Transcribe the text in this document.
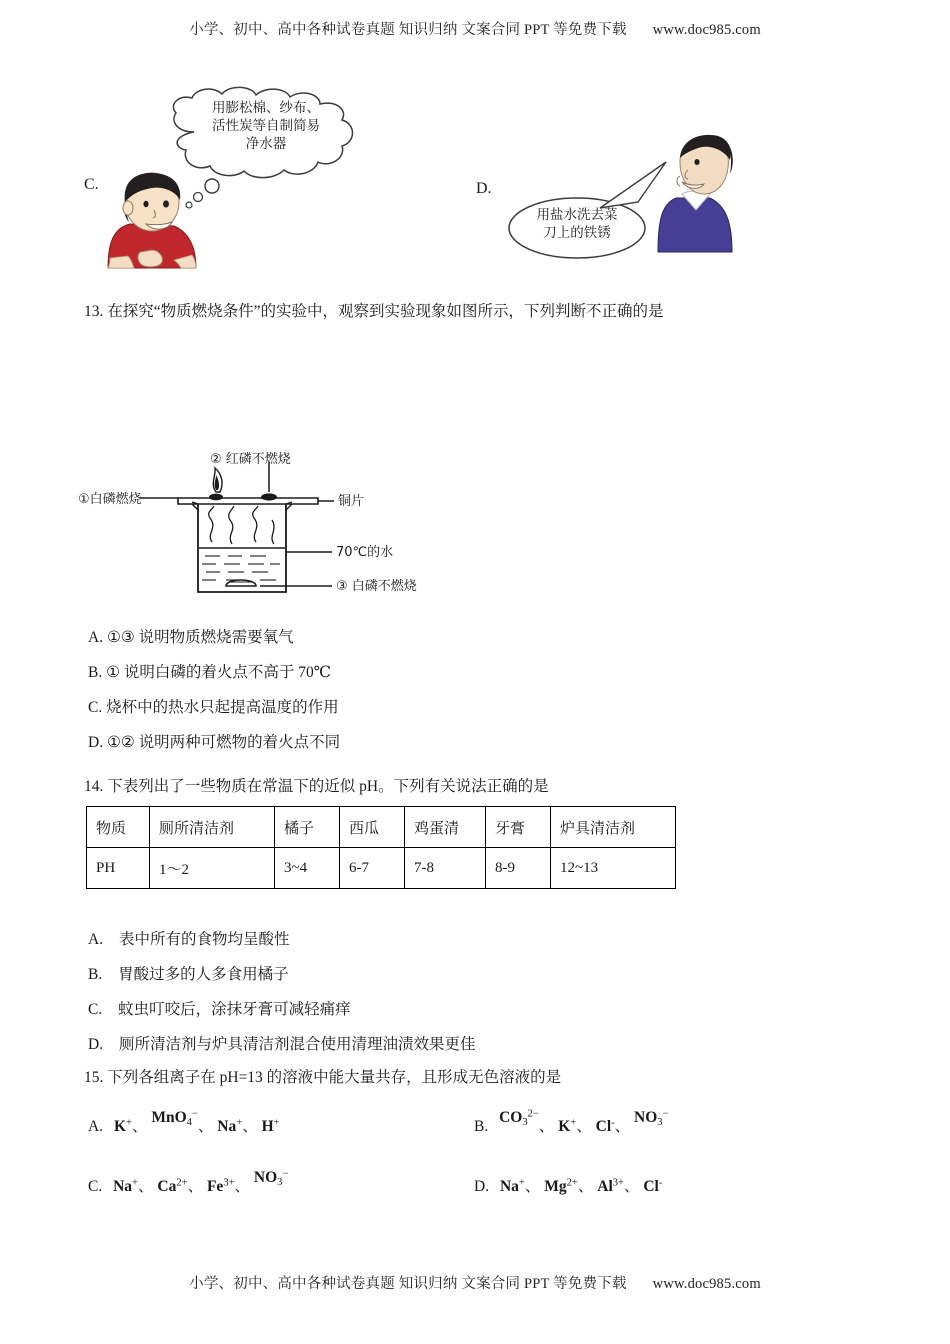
小学、初中、高中各种试卷真题 知识归纳 文案合同 PPT 等免费下载 www.doc985.com
C.
用膨松棉、纱布、
活性炭等自制简易
净水器
D.
用盐水洗去菜
刀上的铁锈
13. 在探究“物质燃烧条件”的实验中，观察到实验现象如图所示，下列判断不正确的是
①白磷燃烧
② 红磷不燃烧
铜片
70℃的水
③ 白磷不燃烧
A. ①③ 说明物质燃烧需要氧气
B. ① 说明白磷的着火点不高于 70℃
C. 烧杯中的热水只起提高温度的作用
D. ①② 说明两种可燃物的着火点不同
14. 下表列出了一些物质在常温下的近似 pH。下列有关说法正确的是
物质	厕所清洁剂	橘子	西瓜	鸡蛋清	牙膏	炉具清洁剂
PH	1～2	3~4	6-7	7-8	8-9	12~13
A. 表中所有的食物均呈酸性
B. 胃酸过多的人多食用橘子
C. 蚊虫叮咬后，涂抹牙膏可减轻痛痒
D. 厕所清洁剂与炉具清洁剂混合使用清理油渍效果更佳
15. 下列各组离子在 pH=13 的溶液中能大量共存，且形成无色溶液的是
A. K+、 MnO$_4$−、 Na+、 H+	B. $CO_3^{2-}$、 K+、 Cl-、 $NO_3^-$
C. Na+、 $Ca^{2+}$、 $Fe^{3+}$、 $NO_3^-$
D. Na+、 $Mg^{2+}$、 $Al^{3+}$、 Cl-
小学、初中、高中各种试卷真题 知识归纳 文案合同 PPT 等免费下载 www.doc985.com
